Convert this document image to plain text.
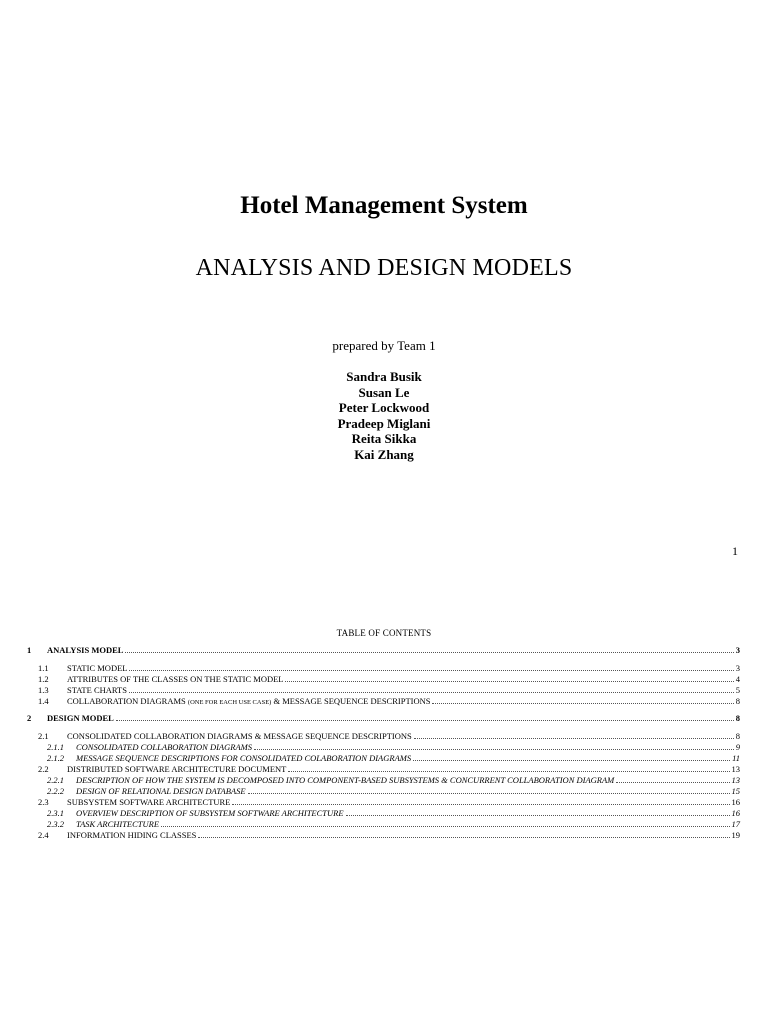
Hotel Management System
ANALYSIS AND DESIGN MODELS
prepared by Team 1
Sandra Busik
Susan Le
Peter Lockwood
Pradeep Miglani
Reita Sikka
Kai Zhang
1
TABLE OF CONTENTS
1 ANALYSIS MODEL	3
1.1 STATIC MODEL	3
1.2 ATTRIBUTES OF THE CLASSES ON THE STATIC MODEL	4
1.3 STATE CHARTS	5
1.4 COLLABORATION DIAGRAMS (ONE FOR EACH USE CASE) & MESSAGE SEQUENCE DESCRIPTIONS	8
2 DESIGN MODEL	8
2.1 CONSOLIDATED COLLABORATION DIAGRAMS & MESSAGE SEQUENCE DESCRIPTIONS	8
2.1.1 CONSOLIDATED COLLABORATION DIAGRAMS	9
2.1.2 MESSAGE SEQUENCE DESCRIPTIONS FOR CONSOLIDATED COLABORATION DIAGRAMS	11
2.2 DISTRIBUTED SOFTWARE ARCHITECTURE DOCUMENT	13
2.2.1 DESCRIPTION OF HOW THE SYSTEM IS DECOMPOSED INTO COMPONENT-BASED SUBSYSTEMS & CONCURRENT COLLABORATION DIAGRAM	13
2.2.2 DESIGN OF RELATIONAL DESIGN DATABASE	15
2.3 SUBSYSTEM SOFTWARE ARCHITECTURE	16
2.3.1 OVERVIEW DESCRIPTION OF SUBSYSTEM SOFTWARE ARCHITECTURE	16
2.3.2 TASK ARCHITECTURE	17
2.4 INFORMATION HIDING CLASSES	19
